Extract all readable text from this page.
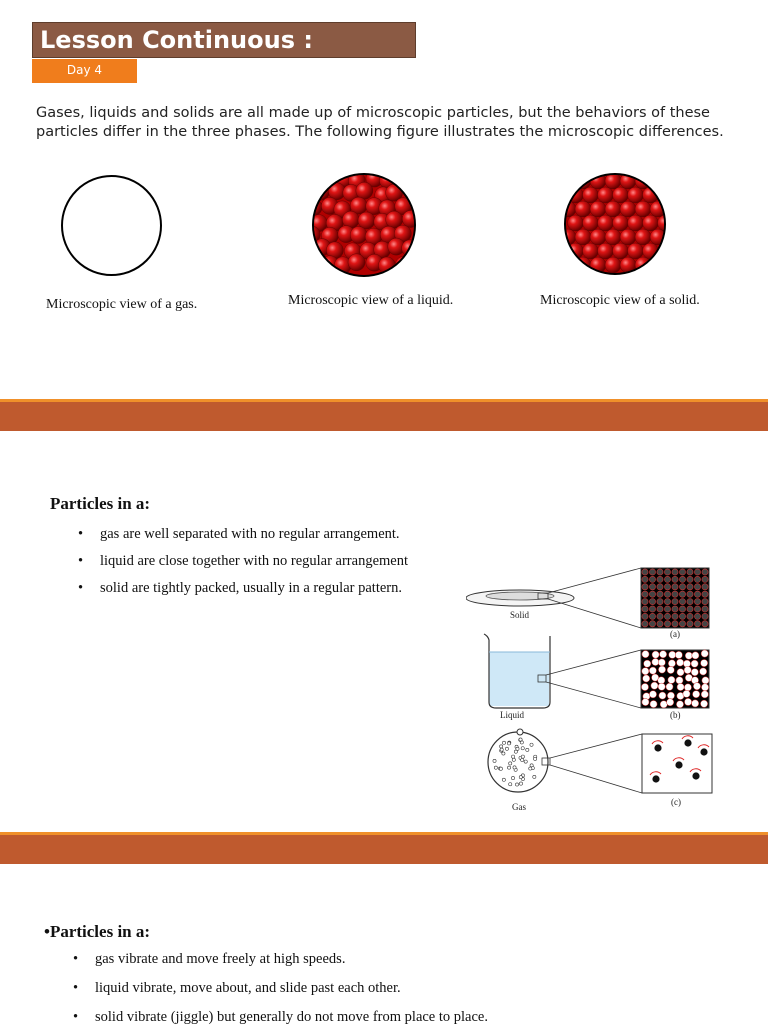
Lesson Continuous :
Day 4
Gases, liquids and solids are all made up of microscopic particles, but the behaviors of these particles differ in the three phases. The following figure illustrates the microscopic differences.
Microscopic view of a gas.	Microscopic view of a liquid.	Microscopic view of a solid.
Particles in a:
• gas are well separated with no regular arrangement.
• liquid are close together with no regular arrangement
• solid are tightly packed, usually in a regular pattern.
Solid
(a)
Liquid	(b)
Gas	(c)
•Particles in a:
• gas vibrate and move freely at high speeds.
• liquid vibrate, move about, and slide past each other.
• solid vibrate (jiggle) but generally do not move from place to place.
